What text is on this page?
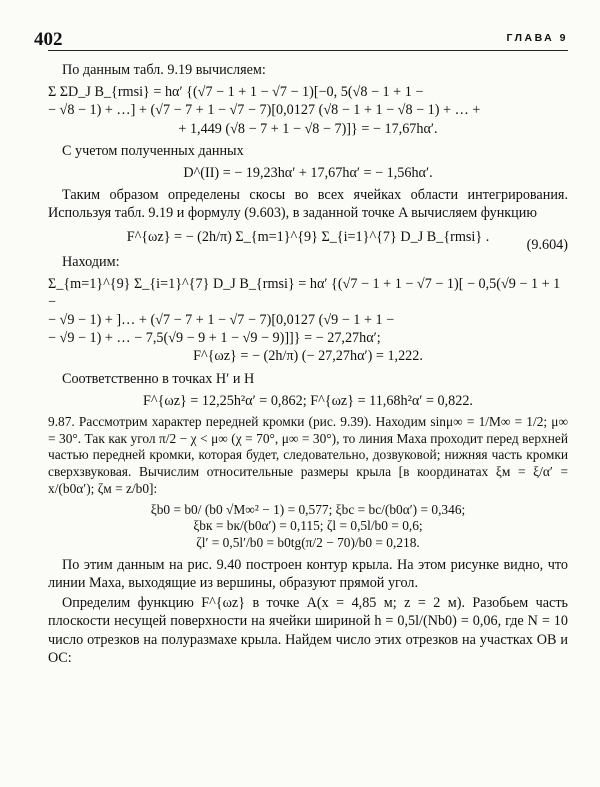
402	ГЛАВА 9

По данным табл. 9.19 вычисляем:

Σ ΣD_J B_{rmsi} = hα′ {(√7 − 1 + 1 − √7 − 1)[−0, 5(√8 − 1 + 1 −
− √8 − 1) + …] + (√7 − 7 + 1 − √7 − 7)[0,0127 (√8 − 1 + 1 − √8 − 1) + … +
+ 1,449 (√8 − 7 + 1 − √8 − 7)]} = − 17,67hα′.

С учетом полученных данных

D^(II) = − 19,23hα′ + 17,67hα′ = − 1,56hα′.

Таким образом определены скосы во всех ячейках области интегрирования. Используя табл. 9.19 и формулу (9.603), в заданной точке A вычисляем функцию

F^{ωz} = − (2h/π) Σ_{m=1}^{9} Σ_{i=1}^{7} D_J B_{rmsi} .	(9.604)

Находим:

Σ_{m=1}^{9} Σ_{i=1}^{7} D_J B_{rmsi} = hα′ {(√7 − 1 + 1 − √7 − 1)[ − 0,5(√9 − 1 + 1 −
− √9 − 1) + ]… + (√7 − 7 + 1 − √7 − 7)[0,0127 (√9 − 1 + 1 −
− √9 − 1) + … − 7,5(√9 − 9 + 1 − √9 − 9)]]} = − 27,27hα′;
F^{ωz} = − (2h/π) (− 27,27hα′) = 1,222.

Соответственно в точках H′ и H

F^{ωz} = 12,25h²α′ = 0,862; F^{ωz} = 11,68h²α′ = 0,822.

9.87. Рассмотрим характер передней кромки (рис. 9.39). Находим sinμ∞ = 1/M∞ = 1/2; μ∞ = 30°. Так как угол π/2 − χ < μ∞ (χ = 70°, μ∞ = 30°), то линия Маха проходит перед верхней частью передней кромки, которая будет, следовательно, дозвуковой; нижняя часть кромки сверхзвуковая. Вычислим относительные размеры крыла [в координатах ξм = ξ/α′ = x/(b0α′); ζм = z/b0]:

ξb0 = b0/ (b0 √M∞² − 1) = 0,577; ξbc = bc/(b0α′) = 0,346;
ξbк = bк/(b0α′) = 0,115; ζl = 0,5l/b0 = 0,6;
ζl′ = 0,5l′/b0 = b0tg(π/2 − 70)/b0 = 0,218.

По этим данным на рис. 9.40 построен контур крыла. На этом рисунке видно, что линии Маха, выходящие из вершины, образуют прямой угол.

Определим функцию F^{ωz} в точке A(x = 4,85 м; z = 2 м). Разобьем часть плоскости несущей поверхности на ячейки шириной h = 0,5l/(Nb0) = 0,06, где N = 10 число отрезков на полуразмахе крыла. Найдем число этих отрезков на участках OB и OC:
